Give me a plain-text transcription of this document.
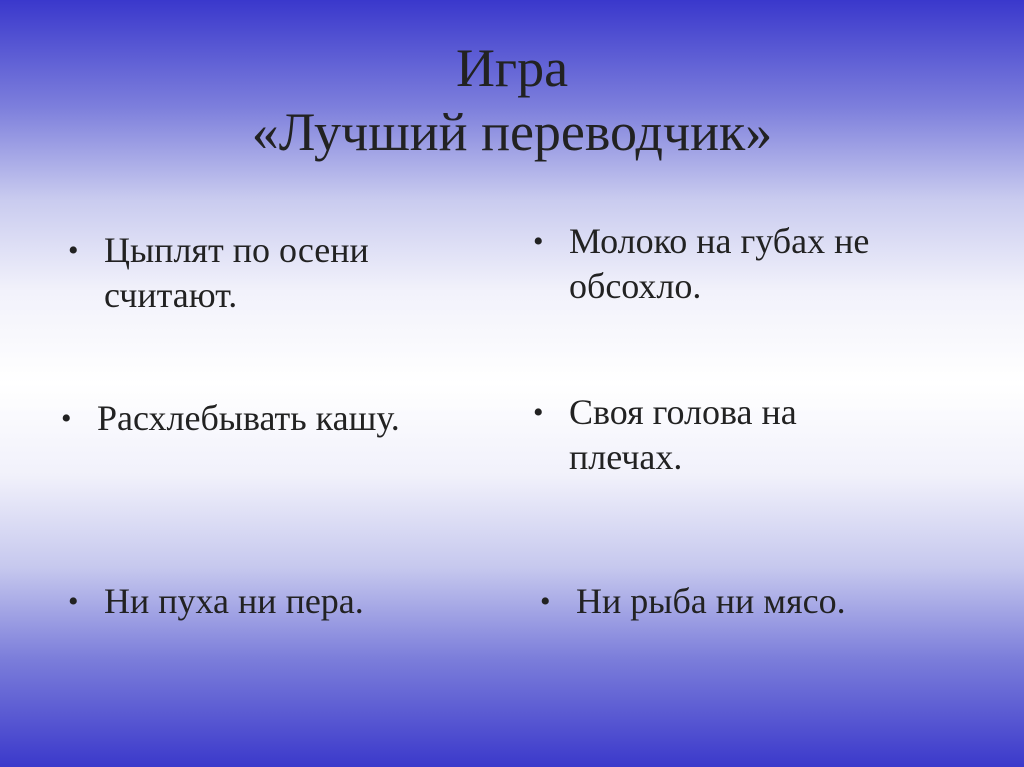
Игра
«Лучший переводчик»
• Цыплят по осени считают.
• Молоко на губах не обсохло.
• Расхлебывать кашу.	• Своя голова на плечах.
• Ни пуха ни пера.	• Ни рыба ни мясо.
